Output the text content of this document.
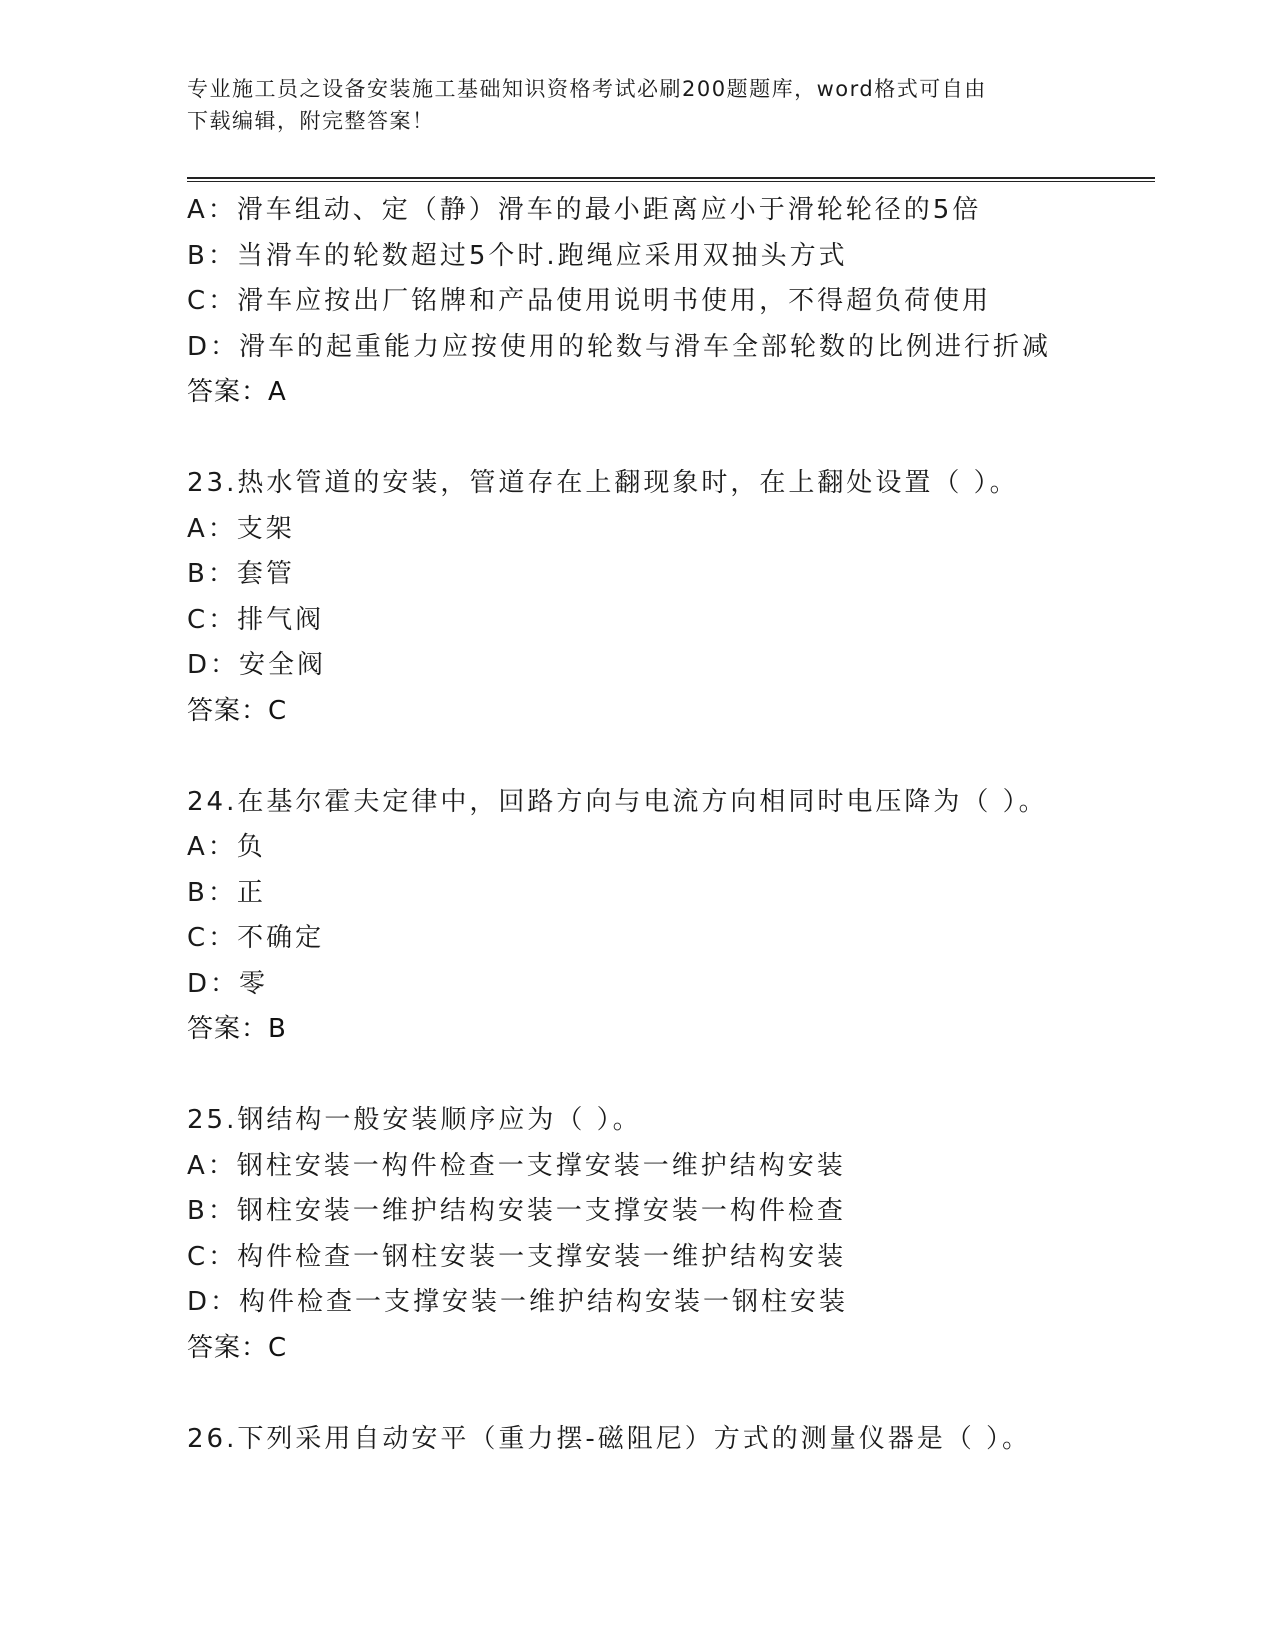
专业施工员之设备安装施工基础知识资格考试必刷200题题库，word格式可自由
下载编辑，附完整答案！
A：滑车组动、定（静）滑车的最小距离应小于滑轮轮径的5倍
B：当滑车的轮数超过5个时.跑绳应采用双抽头方式
C：滑车应按出厂铭牌和产品使用说明书使用，不得超负荷使用
D：滑车的起重能力应按使用的轮数与滑车全部轮数的比例进行折减
答案：A
23.热水管道的安装，管道存在上翻现象时，在上翻处设置（ ）。
A：支架
B：套管
C：排气阀
D：安全阀
答案：C
24.在基尔霍夫定律中，回路方向与电流方向相同时电压降为（ ）。
A：负
B：正
C：不确定
D：零
答案：B
25.钢结构一般安装顺序应为（ ）。
A：钢柱安装一构件检查一支撑安装一维护结构安装
B：钢柱安装一维护结构安装一支撑安装一构件检查
C：构件检查一钢柱安装一支撑安装一维护结构安装
D：构件检查一支撑安装一维护结构安装一钢柱安装
答案：C
26.下列采用自动安平（重力摆-磁阻尼）方式的测量仪器是（ ）。
